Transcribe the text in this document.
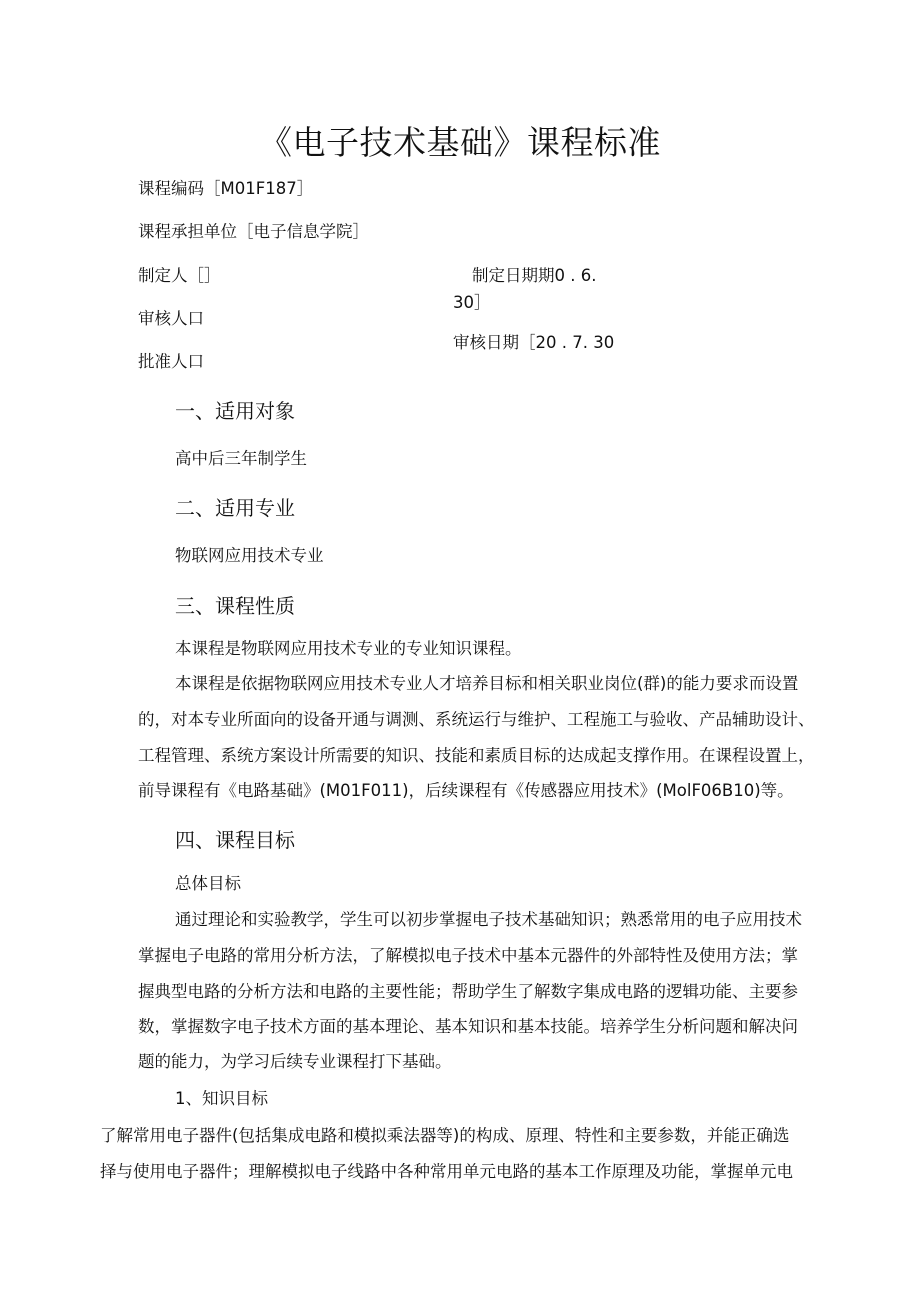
《电子技术基础》课程标准
课程编码［M01F187］
课程承担单位［电子信息学院］
制定人［］	制定日期期0 . 6.
30］
审核人口
审核日期［20 . 7. 30
批准人口
一、适用对象
高中后三年制学生
二、适用专业
物联网应用技术专业
三、课程性质
本课程是物联网应用技术专业的专业知识课程。
本课程是依据物联网应用技术专业人才培养目标和相关职业岗位(群)的能力要求而设置
的，对本专业所面向的设备开通与调测、系统运行与维护、工程施工与验收、产品辅助设计、
工程管理、系统方案设计所需要的知识、技能和素质目标的达成起支撑作用。在课程设置上，
前导课程有《电路基础》(M01F011)，后续课程有《传感器应用技术》(MolF06B10)等。
四、课程目标
总体目标
通过理论和实验教学，学生可以初步掌握电子技术基础知识；熟悉常用的电子应用技术
掌握电子电路的常用分析方法，了解模拟电子技术中基本元器件的外部特性及使用方法；掌
握典型电路的分析方法和电路的主要性能；帮助学生了解数字集成电路的逻辑功能、主要参
数，掌握数字电子技术方面的基本理论、基本知识和基本技能。培养学生分析问题和解决问
题的能力，为学习后续专业课程打下基础。
1、知识目标
了解常用电子器件(包括集成电路和模拟乘法器等)的构成、原理、特性和主要参数，并能正确选
择与使用电子器件；理解模拟电子线路中各种常用单元电路的基本工作原理及功能，掌握单元电
